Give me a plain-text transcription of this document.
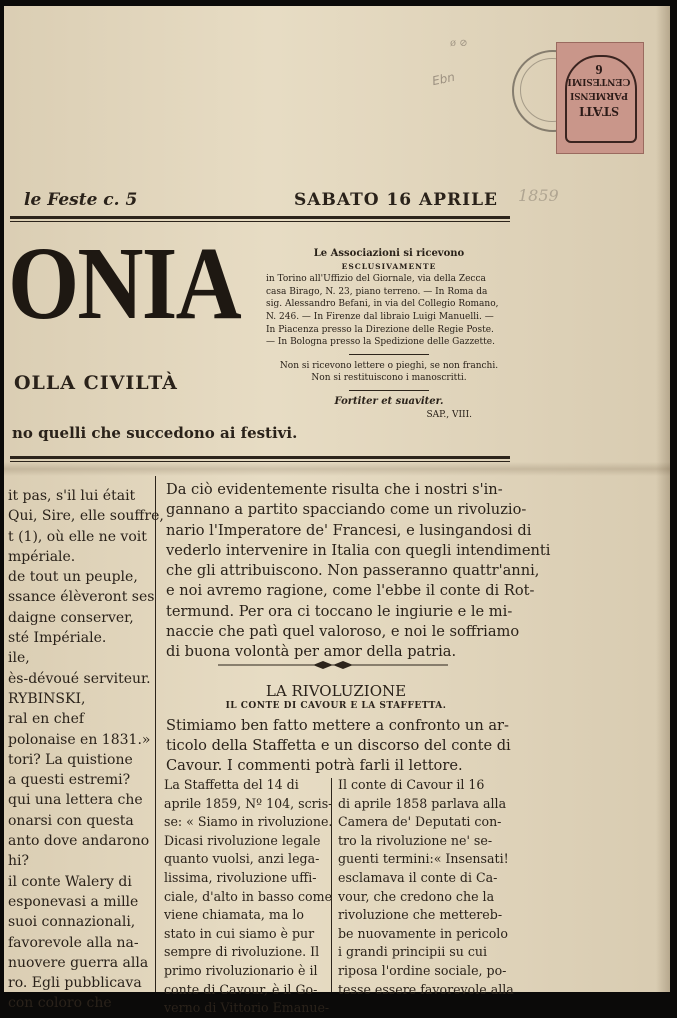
ø ⊘
Ebn
STATI
PARMENSI
CENTESIMI
6
le Feste c. 5	SABATO 16 APRILE 1859
ONIA
OLLA CIVILTÀ
no quelli che succedono ai festivi.
Le Associazioni si ricevono
ESCLUSIVAMENTE
in Torino all'Uffizio del Giornale, via della Zecca
casa Birago, N. 23, piano terreno. — In Roma da
sig. Alessandro Befani, in via del Collegio Romano,
N. 246. — In Firenze dal libraio Luigi Manuelli. —
In Piacenza presso la Direzione delle Regie Poste.
— In Bologna presso la Spedizione delle Gazzette.
Non si ricevono lettere o pieghi, se non franchi.
Non si restituiscono i manoscritti.
Fortiter et suaviter.
SAP., VIII.

it pas, s'il lui était

Qui, Sire, elle souffre,

t (1), où elle ne voit

mpériale.

de tout un peuple,

ssance élèveront ses

daigne conserver,

sté Impériale.

ile,

ès-dévoué serviteur.

RYBINSKI,

ral en chef

polonaise en 1831.»

tori? La quistione

a questi estremi?

qui una lettera che

onarsi con questa

anto dove andarono

hi?

il conte Walery di

esponevasi a mille

suoi connazionali,

favorevole alla na-

nuovere guerra alla

ro. Egli pubblicava

con coloro che

Da ciò evidentemente risulta che i nostri s'in-

gannano a partito spacciando come un rivoluzio-

nario l'Imperatore de' Francesi, e lusingandosi di

vederlo intervenire in Italia con quegli intendimenti

che gli attribuiscono. Non passeranno quattr'anni,

e noi avremo ragione, come l'ebbe il conte di Rot-

termund. Per ora ci toccano le ingiurie e le mi-

naccie che patì quel valoroso, e noi le soffriamo

di buona volontà per amor della patria.

LA RIVOLUZIONE
IL CONTE DI CAVOUR E LA STAFFETTA.

Stimiamo ben fatto mettere a confronto un ar-

ticolo della Staffetta e un discorso del conte di

Cavour. I commenti potrà farli il lettore.

La Staffetta del 14 di

aprile 1859, Nº 104, scris-

se: « Siamo in rivoluzione.

Dicasi rivoluzione legale

quanto vuolsi, anzi lega-

lissima, rivoluzione uffi-

ciale, d'alto in basso come

viene chiamata, ma lo

stato in cui siamo è pur

sempre di rivoluzione. Il

primo rivoluzionario è il

conte di Cavour, è il Go-

verno di Vittorio Emanue-

Il conte di Cavour il 16

di aprile 1858 parlava alla

Camera de' Deputati con-

tro la rivoluzione ne' se-

guenti termini:« Insensati!

esclamava il conte di Ca-

vour, che credono che la

rivoluzione che mettereb-

be nuovamente in pericolo

i grandi principii su cui

riposa l'ordine sociale, po-

tesse essere favorevole alla
